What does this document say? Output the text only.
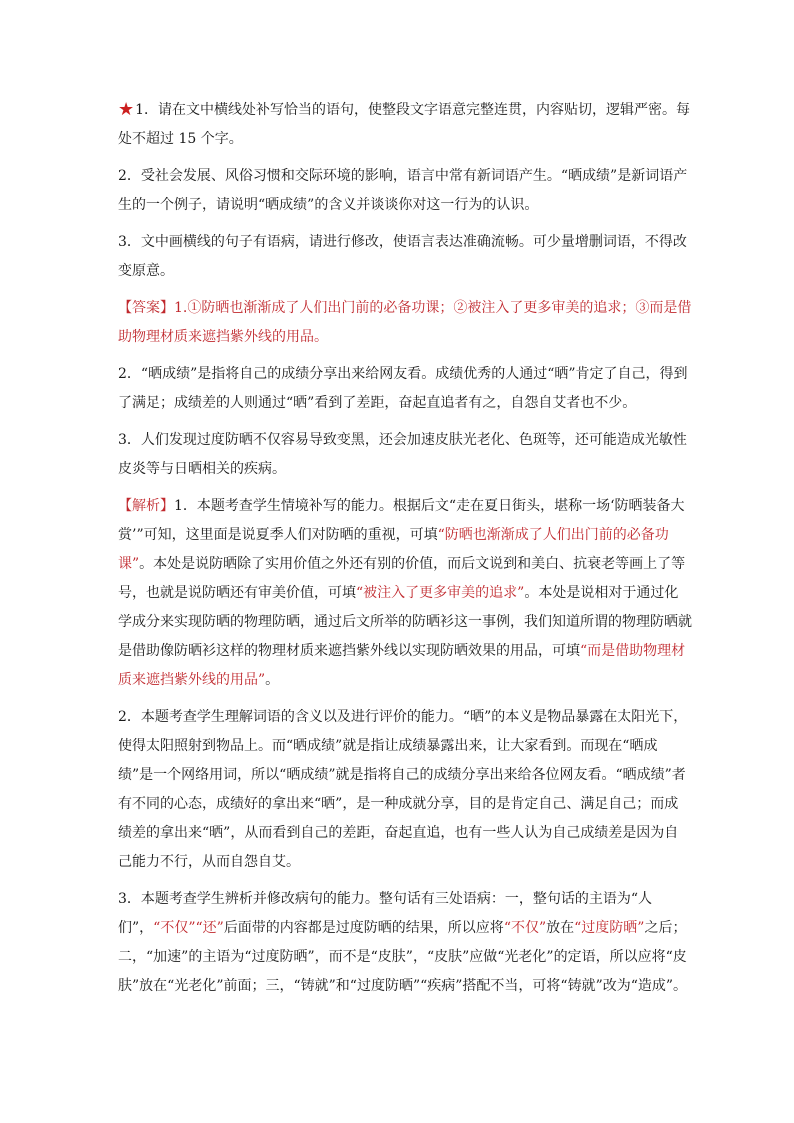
★1．请在文中横线处补写恰当的语句，使整段文字语意完整连贯，内容贴切，逻辑严密。每处不超过 15 个字。
2．受社会发展、风俗习惯和交际环境的影响，语言中常有新词语产生。“晒成绩”是新词语产生的一个例子，请说明“晒成绩”的含义并谈谈你对这一行为的认识。
3．文中画横线的句子有语病，请进行修改，使语言表达准确流畅。可少量增删词语，不得改变原意。
【答案】1.①防晒也渐渐成了人们出门前的必备功课；②被注入了更多审美的追求；③而是借助物理材质来遮挡紫外线的用品。
2．“晒成绩”是指将自己的成绩分享出来给网友看。成绩优秀的人通过“晒”肯定了自己，得到了满足；成绩差的人则通过“晒”看到了差距，奋起直追者有之，自怨自艾者也不少。
3．人们发现过度防晒不仅容易导致变黑，还会加速皮肤光老化、色斑等，还可能造成光敏性皮炎等与日晒相关的疾病。
【解析】1．本题考查学生情境补写的能力。根据后文“走在夏日街头，堪称一场‘防晒装备大赏’”可知，这里面是说夏季人们对防晒的重视，可填“防晒也渐渐成了人们出门前的必备功课”。本处是说防晒除了实用价值之外还有别的价值，而后文说到和美白、抗衰老等画上了等号，也就是说防晒还有审美价值，可填“被注入了更多审美的追求”。本处是说相对于通过化学成分来实现防晒的物理防晒，通过后文所举的防晒衫这一事例，我们知道所谓的物理防晒就是借助像防晒衫这样的物理材质来遮挡紫外线以实现防晒效果的用品，可填“而是借助物理材质来遮挡紫外线的用品”。
2．本题考查学生理解词语的含义以及进行评价的能力。“晒”的本义是物品暴露在太阳光下，使得太阳照射到物品上。而“晒成绩”就是指让成绩暴露出来，让大家看到。而现在“晒成绩”是一个网络用词，所以“晒成绩”就是指将自己的成绩分享出来给各位网友看。“晒成绩”者有不同的心态，成绩好的拿出来“晒”，是一种成就分享，目的是肯定自己、满足自己；而成绩差的拿出来“晒”，从而看到自己的差距，奋起直追，也有一些人认为自己成绩差是因为自己能力不行，从而自怨自艾。
3．本题考查学生辨析并修改病句的能力。整句话有三处语病：一，整句话的主语为“人们”，“不仅”“还”后面带的内容都是过度防晒的结果，所以应将“不仅”放在“过度防晒”之后；二，“加速”的主语为“过度防晒”，而不是“皮肤”，“皮肤”应做“光老化”的定语，所以应将“皮肤”放在“光老化”前面；三，“铸就”和“过度防晒”“疾病”搭配不当，可将“铸就”改为“造成”。
